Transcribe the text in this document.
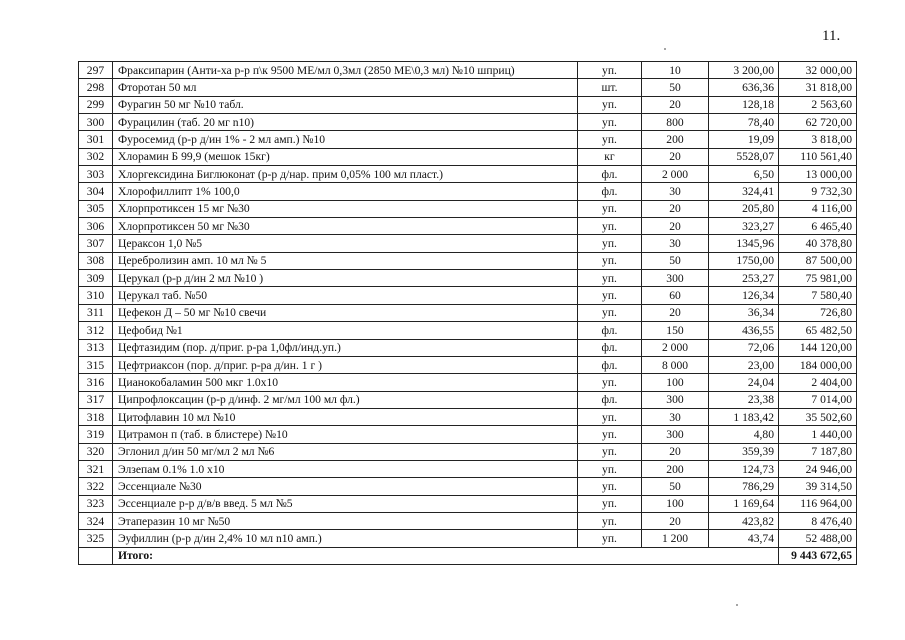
11.
297	Фраксипарин (Анти-ха р-р п\к 9500 МЕ/мл 0,3мл (2850 МЕ\0,3 мл) №10 шприц)	уп.	10	3 200,00	32 000,00
298	Фторотан 50 мл	шт.	50	636,36	31 818,00
299	Фурагин 50 мг №10 табл.	уп.	20	128,18	2 563,60
300	Фурацилин (таб. 20 мг n10)	уп.	800	78,40	62 720,00
301	Фуросемид (р-р д/ин 1% - 2 мл амп.) №10	уп.	200	19,09	3 818,00
302	Хлорамин Б 99,9 (мешок 15кг)	кг	20	5528,07	110 561,40
303	Хлоргексидина Биглюконат (р-р д/нар. прим 0,05% 100 мл пласт.)	фл.	2 000	6,50	13 000,00
304	Хлорофиллипт 1% 100,0	фл.	30	324,41	9 732,30
305	Хлорпротиксен 15 мг №30	уп.	20	205,80	4 116,00
306	Хлорпротиксен 50 мг №30	уп.	20	323,27	6 465,40
307	Цераксон 1,0 №5	уп.	30	1345,96	40 378,80
308	Церебролизин амп. 10 мл № 5	уп.	50	1750,00	87 500,00
309	Церукал (р-р д/ин 2 мл №10 )	уп.	300	253,27	75 981,00
310	Церукал таб. №50	уп.	60	126,34	7 580,40
311	Цефекон Д – 50 мг №10 свечи	уп.	20	36,34	726,80
312	Цефобид №1	фл.	150	436,55	65 482,50
313	Цефтазидим (пор. д/приг. р-ра 1,0фл/инд.уп.)	фл.	2 000	72,06	144 120,00
315	Цефтриаксон (пор. д/приг. р-ра д/ин. 1 г )	фл.	8 000	23,00	184 000,00
316	Цианокобаламин 500 мкг 1.0х10	уп.	100	24,04	2 404,00
317	Ципрофлоксацин (р-р д/инф. 2 мг/мл 100 мл фл.)	фл.	300	23,38	7 014,00
318	Цитофлавин 10 мл №10	уп.	30	1 183,42	35 502,60
319	Цитрамон п (таб. в блистере) №10	уп.	300	4,80	1 440,00
320	Эглонил д/ин 50 мг/мл 2 мл №6	уп.	20	359,39	7 187,80
321	Элзепам 0.1% 1.0 х10	уп.	200	124,73	24 946,00
322	Эссенциале №30	уп.	50	786,29	39 314,50
323	Эссенциале р-р д/в/в введ. 5 мл №5	уп.	100	1 169,64	116 964,00
324	Этаперазин 10 мг №50	уп.	20	423,82	8 476,40
325	Эуфиллин (р-р д/ин 2,4% 10 мл n10 амп.)	уп.	1 200	43,74	52 488,00
	Итого:				9 443 672,65
